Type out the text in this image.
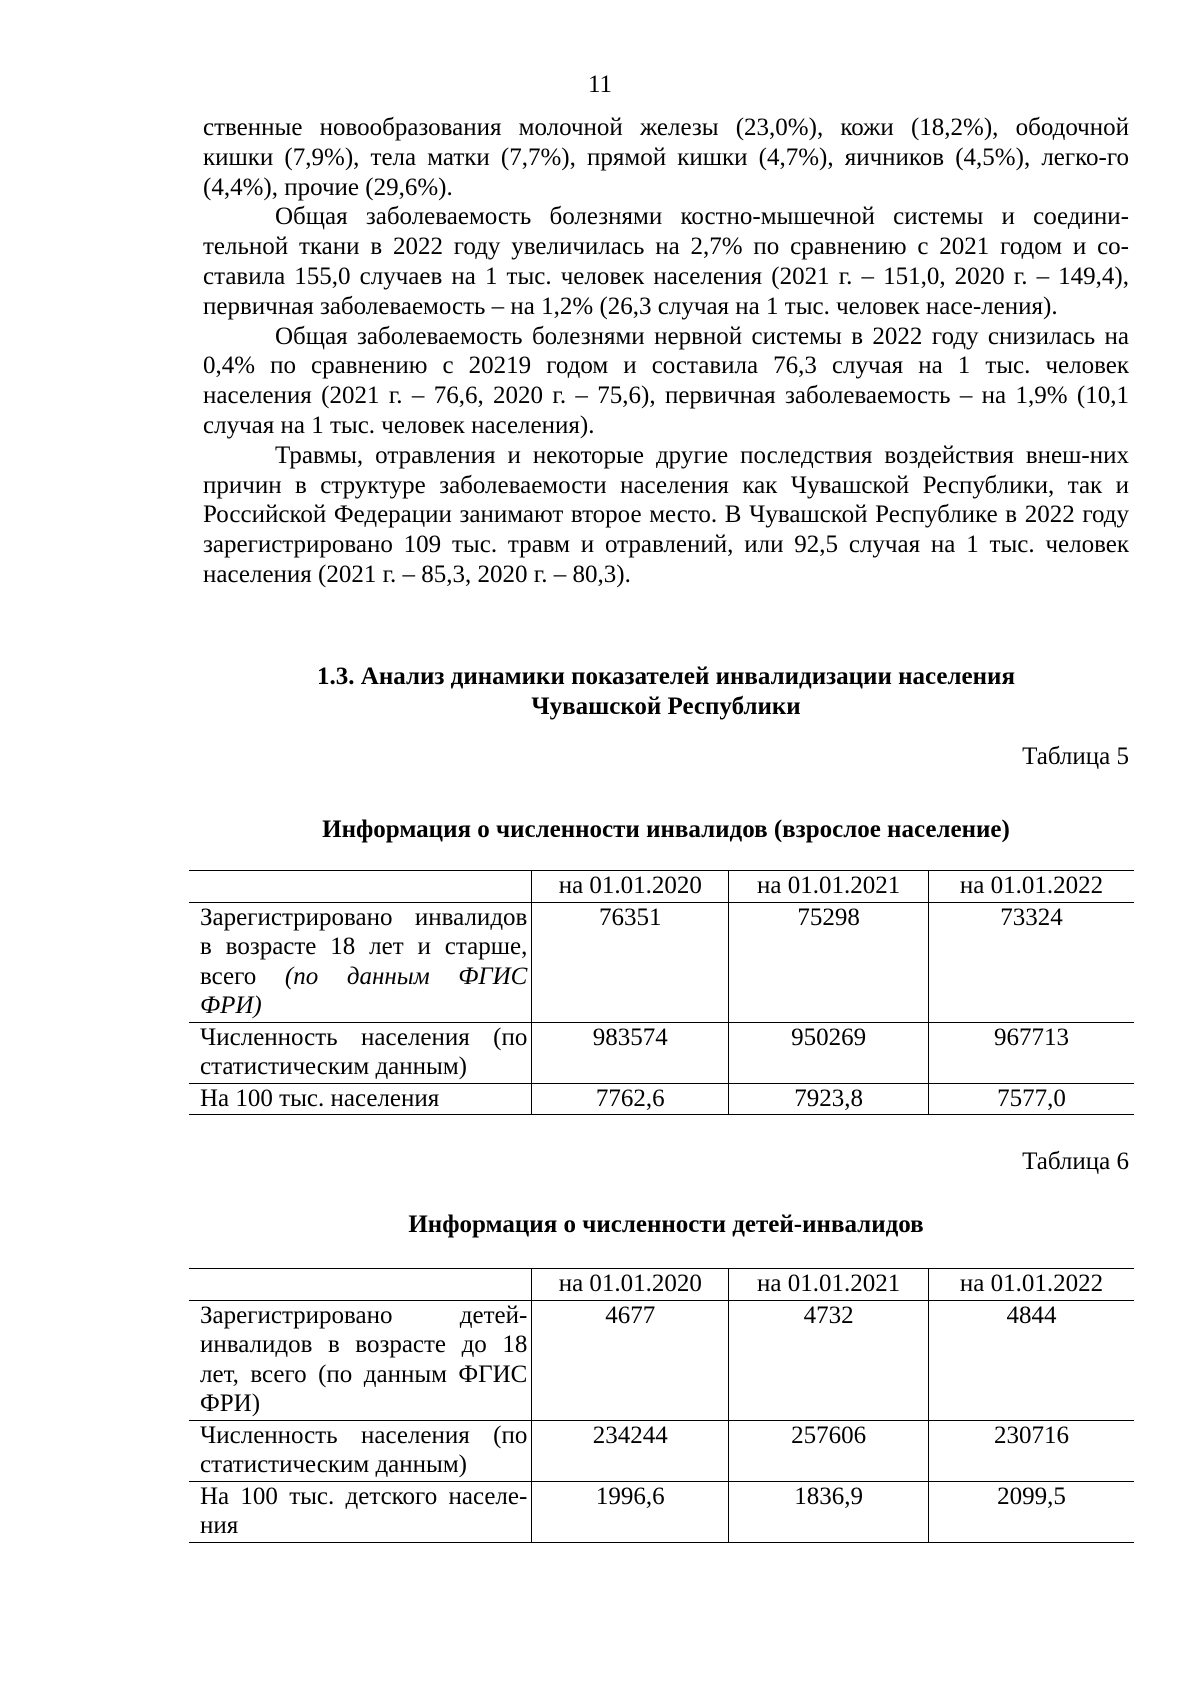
11

ственные новообразования молочной железы (23,0%), кожи (18,2%), ободочной кишки (7,9%), тела матки (7,7%), прямой кишки (4,7%), яичников (4,5%), легко-го (4,4%), прочие (29,6%).

Общая заболеваемость болезнями костно-мышечной системы и соедини-тельной ткани в 2022 году увеличилась на 2,7% по сравнению с 2021 годом и со-ставила 155,0 случаев на 1 тыс. человек населения (2021 г. – 151,0, 2020 г. – 149,4), первичная заболеваемость – на 1,2% (26,3 случая на 1 тыс. человек насе-ления).

Общая заболеваемость болезнями нервной системы в 2022 году снизилась на 0,4% по сравнению с 20219 годом и составила 76,3 случая на 1 тыс. человек населения (2021 г. – 76,6, 2020 г. – 75,6), первичная заболеваемость – на 1,9% (10,1 случая на 1 тыс. человек населения).

Травмы, отравления и некоторые другие последствия воздействия внеш-них причин в структуре заболеваемости населения как Чувашской Республики, так и Российской Федерации занимают второе место. В Чувашской Республике в 2022 году зарегистрировано 109 тыс. травм и отравлений, или 92,5 случая на 1 тыс. человек населения (2021 г. – 85,3, 2020 г. – 80,3).

1.3. Анализ динамики показателей инвалидизации населения
Чувашской Республики
Таблица 5
Информация о численности инвалидов (взрослое население)
	на 01.01.2020	на 01.01.2021	на 01.01.2022
Зарегистрировано инвалидов в возрасте 18 лет и старше, всего (по данным ФГИС ФРИ)	76351	75298	73324
Численность населения (по статистическим данным)	983574	950269	967713
На 100 тыс. населения	7762,6	7923,8	7577,0
Таблица 6
Информация о численности детей-инвалидов
	на 01.01.2020	на 01.01.2021	на 01.01.2022
Зарегистрировано детей-инвалидов в возрасте до 18 лет, всего (по данным ФГИС ФРИ)	4677	4732	4844
Численность населения (по статистическим данным)	234244	257606	230716
На 100 тыс. детского населе-ния	1996,6	1836,9	2099,5
